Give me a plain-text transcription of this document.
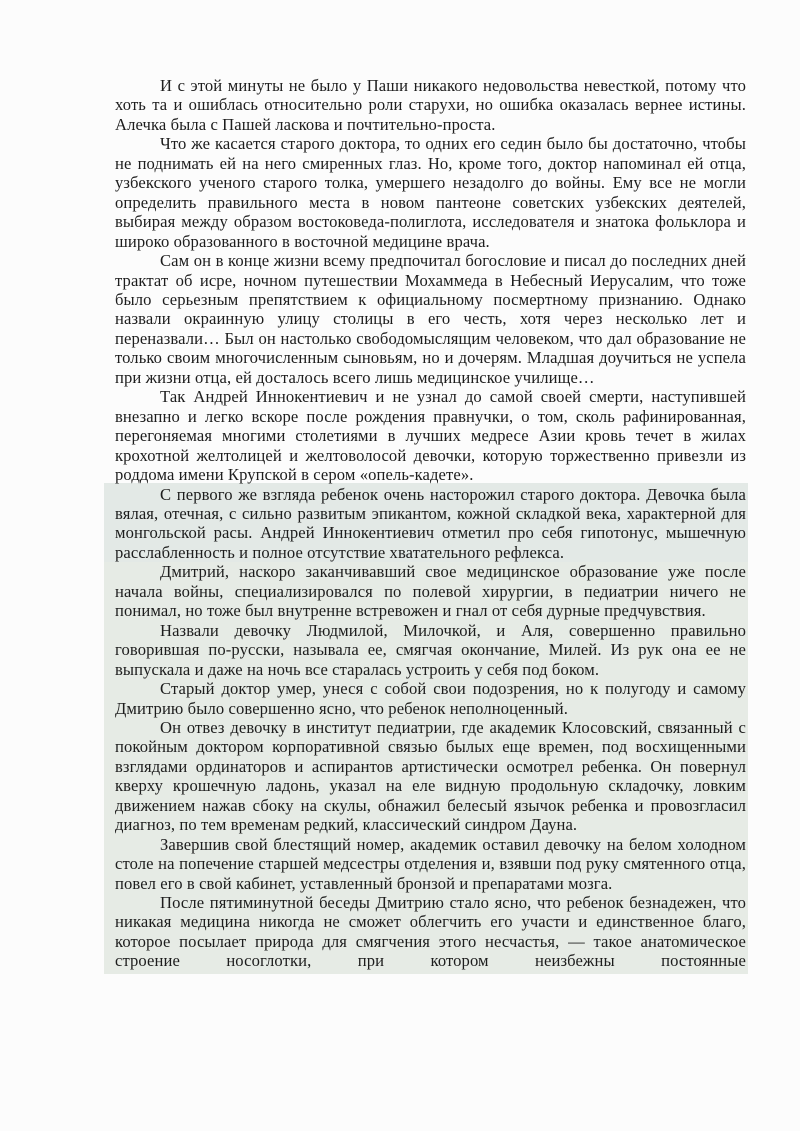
И с этой минуты не было у Паши никакого недовольства невесткой, потому что хоть та и ошиблась относительно роли старухи, но ошибка оказалась вернее истины. Алечка была с Пашей ласкова и почтительно-проста.

Что же касается старого доктора, то одних его седин было бы достаточно, чтобы не поднимать ей на него смиренных глаз. Но, кроме того, доктор напоминал ей отца, узбекского ученого старого толка, умершего незадолго до войны. Ему все не могли определить правильного места в новом пантеоне советских узбекских деятелей, выбирая между образом востоковеда-полиглота, исследователя и знатока фольклора и широко образованного в восточной медицине врача.

Сам он в конце жизни всему предпочитал богословие и писал до последних дней трактат об исре, ночном путешествии Мохаммеда в Небесный Иерусалим, что тоже было серьезным препятствием к официальному посмертному признанию. Однако назвали окраинную улицу столицы в его честь, хотя через несколько лет и переназвали… Был он настолько свободомыслящим человеком, что дал образование не только своим многочисленным сыновьям, но и дочерям. Младшая доучиться не успела при жизни отца, ей досталось всего лишь медицинское училище…

Так Андрей Иннокентиевич и не узнал до самой своей смерти, наступившей внезапно и легко вскоре после рождения правнучки, о том, сколь рафинированная, перегоняемая многими столетиями в лучших медресе Азии кровь течет в жилах крохотной желтолицей и желтоволосой девочки, которую торжественно привезли из роддома имени Крупской в сером «опель-кадете».

С первого же взгляда ребенок очень насторожил старого доктора. Девочка была вялая, отечная, с сильно развитым эпикантом, кожной складкой века, характерной для монгольской расы. Андрей Иннокентиевич отметил про себя гипотонус, мышечную расслабленность и полное отсутствие хватательного рефлекса.

Дмитрий, наскоро заканчивавший свое медицинское образование уже после начала войны, специализировался по полевой хирургии, в педиатрии ничего не понимал, но тоже был внутренне встревожен и гнал от себя дурные предчувствия.

Назвали девочку Людмилой, Милочкой, и Аля, совершенно правильно говорившая по-русски, называла ее, смягчая окончание, Милей. Из рук она ее не выпускала и даже на ночь все старалась устроить у себя под боком.

Старый доктор умер, унеся с собой свои подозрения, но к полугоду и самому Дмитрию было совершенно ясно, что ребенок неполноценный.

Он отвез девочку в институт педиатрии, где академик Клосовский, связанный с покойным доктором корпоративной связью былых еще времен, под восхищенными взглядами ординаторов и аспирантов артистически осмотрел ребенка. Он повернул кверху крошечную ладонь, указал на еле видную продольную складочку, ловким движением нажав сбоку на скулы, обнажил белесый язычок ребенка и провозгласил диагноз, по тем временам редкий, классический синдром Дауна.

Завершив свой блестящий номер, академик оставил девочку на белом холодном столе на попечение старшей медсестры отделения и, взявши под руку смятенного отца, повел его в свой кабинет, уставленный бронзой и препаратами мозга.

После пятиминутной беседы Дмитрию стало ясно, что ребенок безнадежен, что никакая медицина никогда не сможет облегчить его участи и единственное благо, которое посылает природа для смягчения этого несчастья, — такое анатомическое строение носоглотки, при котором неизбежны постоянные
